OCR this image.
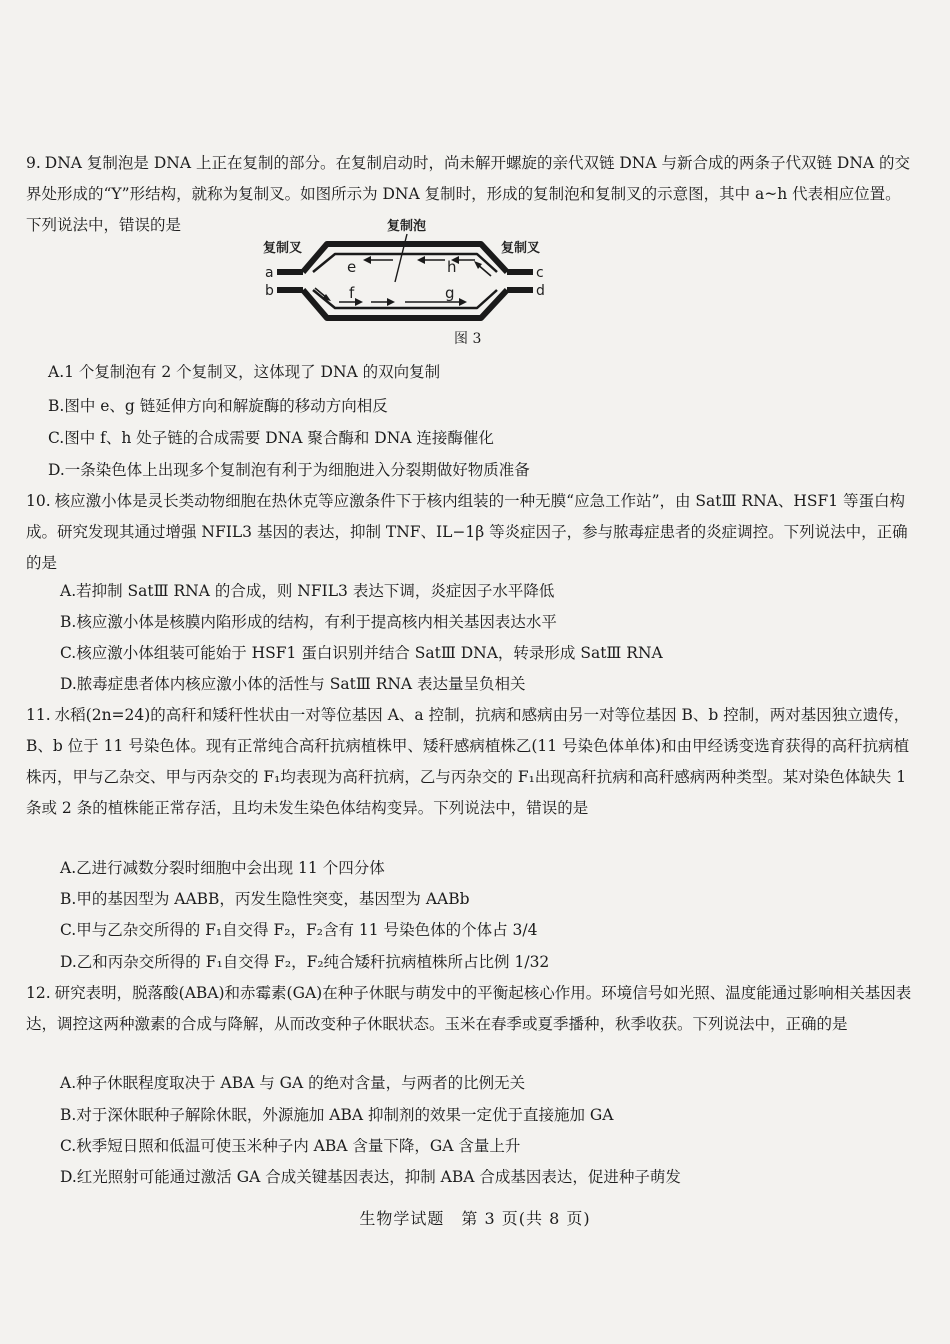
9. DNA 复制泡是 DNA 上正在复制的部分。在复制启动时，尚未解开螺旋的亲代双链 DNA 与新合成的两条子代双链 DNA 的交界处形成的“Y”形结构，就称为复制叉。如图所示为 DNA 复制时，形成的复制泡和复制叉的示意图，其中 a~h 代表相应位置。下列说法中，错误的是	复制泡
复制叉	复制叉
a
b
c
d
e	h
f	g
图 3
A.1 个复制泡有 2 个复制叉，这体现了 DNA 的双向复制
B.图中 e、g 链延伸方向和解旋酶的移动方向相反
C.图中 f、h 处子链的合成需要 DNA 聚合酶和 DNA 连接酶催化
D.一条染色体上出现多个复制泡有利于为细胞进入分裂期做好物质准备
10. 核应激小体是灵长类动物细胞在热休克等应激条件下于核内组装的一种无膜“应急工作站”，由 SatⅢ RNA、HSF1 等蛋白构成。研究发现其通过增强 NFIL3 基因的表达，抑制 TNF、IL−1β 等炎症因子，参与脓毒症患者的炎症调控。下列说法中，正确的是
A.若抑制 SatⅢ RNA 的合成，则 NFIL3 表达下调，炎症因子水平降低
B.核应激小体是核膜内陷形成的结构，有利于提高核内相关基因表达水平
C.核应激小体组装可能始于 HSF1 蛋白识别并结合 SatⅢ DNA，转录形成 SatⅢ RNA
D.脓毒症患者体内核应激小体的活性与 SatⅢ RNA 表达量呈负相关
11. 水稻(2n=24)的高秆和矮秆性状由一对等位基因 A、a 控制，抗病和感病由另一对等位基因 B、b 控制，两对基因独立遗传，B、b 位于 11 号染色体。现有正常纯合高秆抗病植株甲、矮秆感病植株乙(11 号染色体单体)和由甲经诱变选育获得的高秆抗病植株丙，甲与乙杂交、甲与丙杂交的 F₁均表现为高秆抗病，乙与丙杂交的 F₁出现高秆抗病和高秆感病两种类型。某对染色体缺失 1 条或 2 条的植株能正常存活，且均未发生染色体结构变异。下列说法中，错误的是
A.乙进行减数分裂时细胞中会出现 11 个四分体
B.甲的基因型为 AABB，丙发生隐性突变，基因型为 AABb
C.甲与乙杂交所得的 F₁自交得 F₂，F₂含有 11 号染色体的个体占 3/4
D.乙和丙杂交所得的 F₁自交得 F₂，F₂纯合矮秆抗病植株所占比例 1/32
12. 研究表明，脱落酸(ABA)和赤霉素(GA)在种子休眠与萌发中的平衡起核心作用。环境信号如光照、温度能通过影响相关基因表达，调控这两种激素的合成与降解，从而改变种子休眠状态。玉米在春季或夏季播种，秋季收获。下列说法中，正确的是
A.种子休眠程度取决于 ABA 与 GA 的绝对含量，与两者的比例无关
B.对于深休眠种子解除休眠，外源施加 ABA 抑制剂的效果一定优于直接施加 GA
C.秋季短日照和低温可使玉米种子内 ABA 含量下降，GA 含量上升
D.红光照射可能通过激活 GA 合成关键基因表达，抑制 ABA 合成基因表达，促进种子萌发
生物学试题　第 3 页(共 8 页)
